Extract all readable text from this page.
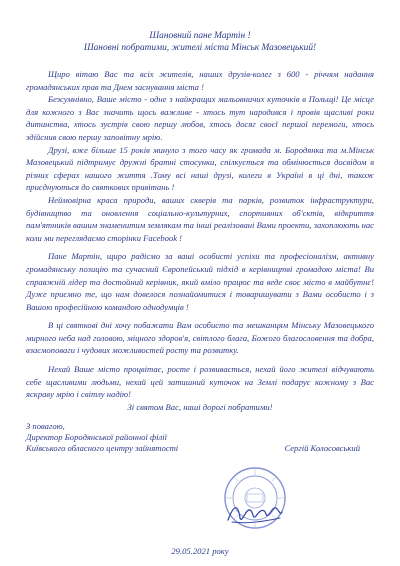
Шановний пане Мартін !

Шановні побратими, жителі міста Мінськ Мазовецький!

Щиро вітаю Вас та всіх жителів, наших друзів-колег з 600 - річчям надання громадянських прав та Днем заснування міста !

Безсумнівно, Ваше місто - одне з найкращих мальовничих куточків в Польщі! Це місце для кожного з Вас значить щось важливе - хтось тут народився і провів щасливі роки дитинства, хтось зустрів свою першу любов, хтось досяг своєї першої перемоги, хтось здійснив свою першу заповітну мрію.

Друзі, вже більше 15 років минуло з того часу як громада м. Бородянка та м.Мінськ Мазовецький підтримує дружні братні стосунки, спілкується та обмінюється досвідом в різних сферах нашого життя .Тому всі наші друзі, колеги в Україні в ці дні, також приєднуються до святкових привітань !

Неймовірна краса природи, ваших скверів та парків, розвиток інфраструктури, будівництво та оновлення соціально-культурних, спортивних об'єктів, відкриття пам'ятників вашим знаменитим землякам та інші реалізовані Вами проекти, захоплюють нас коли ми переглядаємо сторінки Facebook !

Пане Мартін, щиро радісмо за ваші особисті успіхи та професіоналізм, активну громадянську позицію та сучасний Європейський підхід в керівництві громадою міста! Ви справжній лідер та достойний керівник, який вміло працює та веде своє місто в майбутнє! Дуже приємно те, що нам довелося познайомитися і товаришувати з Вами особисто і з Вашою професійною командою однодумців !

В ці святкові дні хочу побажати Вам особисто та мешканцям Мінську Мазовецького мирного неба над головою, міцного здоров'я, світлого блага, Божого благословення та добра, взаємоповаги і чудових можливостей росту та розвитку.

Нехай Ваше місто процвітає, росте і розвивається, нехай його жителі відчувають себе щасливими людьми, нехай цей затишний куточок на Землі подарує кожному з Вас яскраву мрію і світлу надію!

Зі святом Вас, наші дорогі побратими!

З повагою,

Директор Бородянської районної філії

Київського обласного центру зайнятості	Сергій Колосовський
29.05.2021 року
